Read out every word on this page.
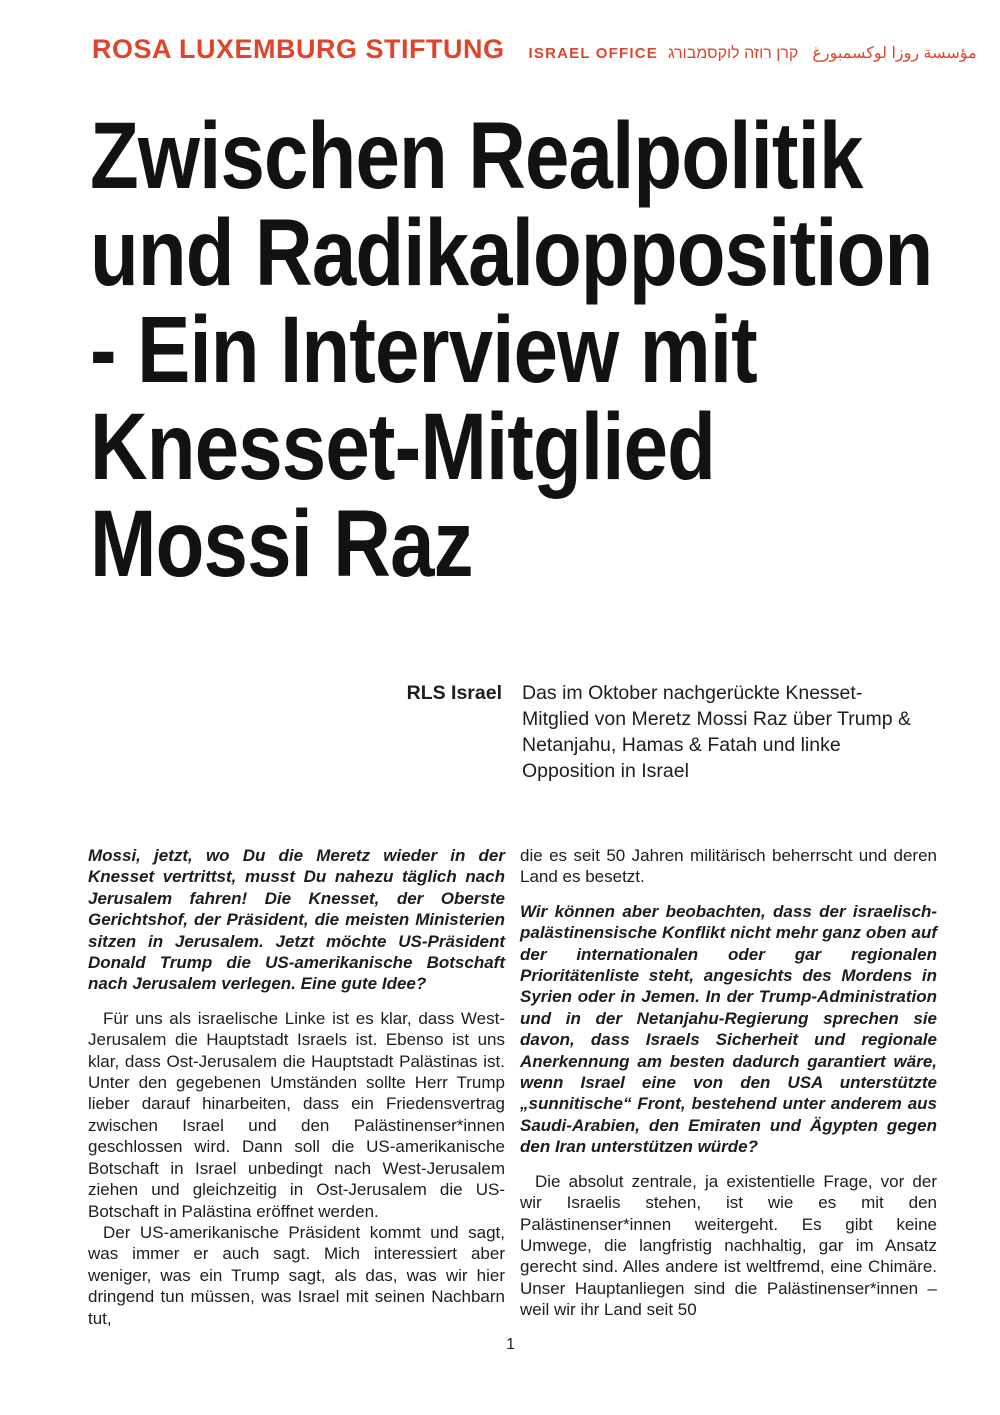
ROSA LUXEMBURG STIFTUNG ISRAEL OFFICE קרן רוזה לוקסמבורג مؤسسة روزا لوكسمبورغ
Zwischen Realpolitik
und Radikalopposition
- Ein Interview mit
Knesset-Mitglied
Mossi Raz
RLS Israel Das im Oktober nachgerückte Knesset-Mitglied von Meretz Mossi Raz über Trump & Netanjahu, Hamas & Fatah und linke Opposition in Israel

Mossi, jetzt, wo Du die Meretz wieder in der Knesset vertrittst, musst Du nahezu täglich nach Jerusalem fahren! Die Knesset, der Oberste Gerichtshof, der Präsident, die meisten Ministerien sitzen in Jerusalem. Jetzt möchte US-Präsident Donald Trump die US-amerikanische Botschaft nach Jerusalem verlegen. Eine gute Idee?

Für uns als israelische Linke ist es klar, dass West-Jerusalem die Hauptstadt Israels ist. Ebenso ist uns klar, dass Ost-Jerusalem die Hauptstadt Palästinas ist. Unter den gegebenen Umständen sollte Herr Trump lieber darauf hinarbeiten, dass ein Friedensvertrag zwischen Israel und den Palästinenser*innen geschlossen wird. Dann soll die US-amerikanische Botschaft in Israel unbedingt nach West-Jerusalem ziehen und gleichzeitig in Ost-Jerusalem die US-Botschaft in Palästina eröffnet werden.

Der US-amerikanische Präsident kommt und sagt, was immer er auch sagt. Mich interessiert aber weniger, was ein Trump sagt, als das, was wir hier dringend tun müssen, was Israel mit seinen Nachbarn tut,

die es seit 50 Jahren militärisch beherrscht und deren Land es besetzt.

Wir können aber beobachten, dass der israelisch-palästinensische Konflikt nicht mehr ganz oben auf der internationalen oder gar regionalen Prioritätenliste steht, angesichts des Mordens in Syrien oder in Jemen. In der Trump-Administration und in der Netanjahu-Regierung sprechen sie davon, dass Israels Sicherheit und regionale Anerkennung am besten dadurch garantiert wäre, wenn Israel eine von den USA unterstützte „sunnitische“ Front, bestehend unter anderem aus Saudi-Arabien, den Emiraten und Ägypten gegen den Iran unterstützen würde?

Die absolut zentrale, ja existentielle Frage, vor der wir Israelis stehen, ist wie es mit den Palästinenser*innen weitergeht. Es gibt keine Umwege, die langfristig nachhaltig, gar im Ansatz gerecht sind. Alles andere ist weltfremd, eine Chimäre. Unser Hauptanliegen sind die Palästinenser*innen – weil wir ihr Land seit 50

1
